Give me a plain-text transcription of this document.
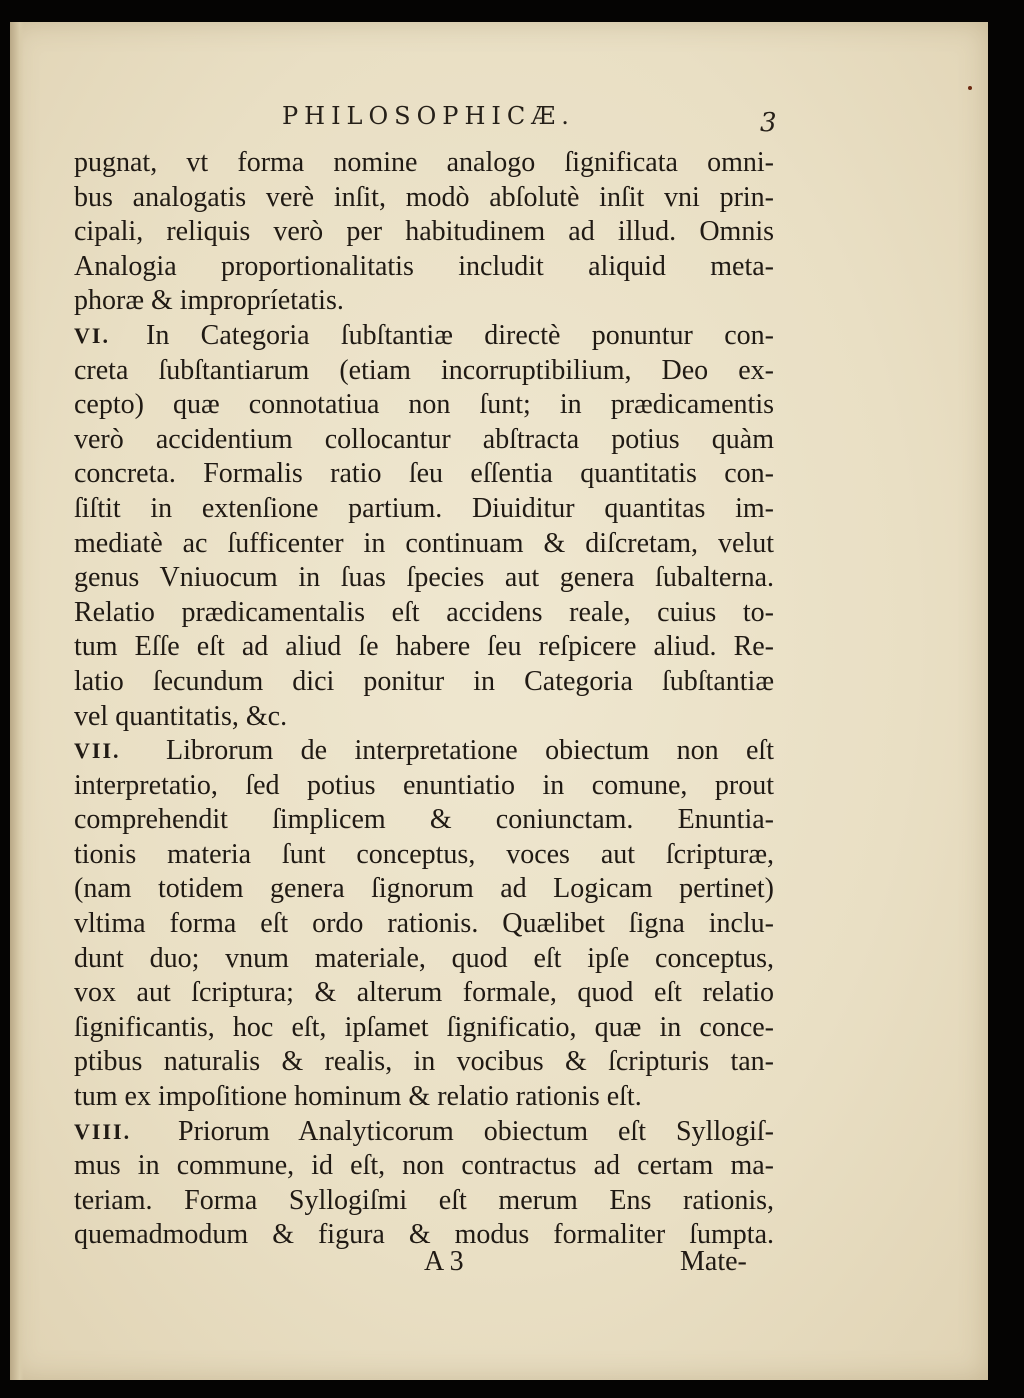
PHILOSOPHICÆ.	3
pugnat, vt forma nomine analogo ſignificata omni-
bus analogatis verè inſit, modò abſolutè inſit vni prin-
cipali, reliquis verò per habitudinem ad illud. Omnis
Analogia proportionalitatis includit aliquid meta-
phoræ & impropríetatis.
VI.	In Categoria ſubſtantiæ directè ponuntur con-
creta ſubſtantiarum (etiam incorruptibilium, Deo ex-
cepto) quæ connotatiua non ſunt; in prædicamentis
verò accidentium collocantur abſtracta potius quàm
concreta. Formalis ratio ſeu eſſentia quantitatis con-
ſiſtit in extenſione partium. Diuiditur quantitas im-
mediatè ac ſufficenter in continuam & diſcretam, velut
genus Vniuocum in ſuas ſpecies aut genera ſubalterna.
Relatio prædicamentalis eſt accidens reale, cuius to-
tum Eſſe eſt ad aliud ſe habere ſeu reſpicere aliud. Re-
latio ſecundum dici ponitur in Categoria ſubſtantiæ
vel quantitatis, &c.
VII.	Librorum de interpretatione obiectum non eſt
interpretatio, ſed potius enuntiatio in comune, prout
comprehendit ſimplicem & coniunctam. Enuntia-
tionis materia ſunt conceptus, voces aut ſcripturæ,
(nam totidem genera ſignorum ad Logicam pertinet)
vltima forma eſt ordo rationis. Quælibet ſigna inclu-
dunt duo; vnum materiale, quod eſt ipſe conceptus,
vox aut ſcriptura; & alterum formale, quod eſt relatio
ſignificantis, hoc eſt, ipſamet ſignificatio, quæ in conce-
ptibus naturalis & realis, in vocibus & ſcripturis tan-
tum ex impoſitione hominum & relatio rationis eſt.
VIII.	Priorum Analyticorum obiectum eſt Syllogiſ-
mus in commune, id eſt, non contractus ad certam ma-
teriam. Forma Syllogiſmi eſt merum Ens rationis,
quemadmodum & figura & modus formaliter ſumpta.
A 3	Mate-
